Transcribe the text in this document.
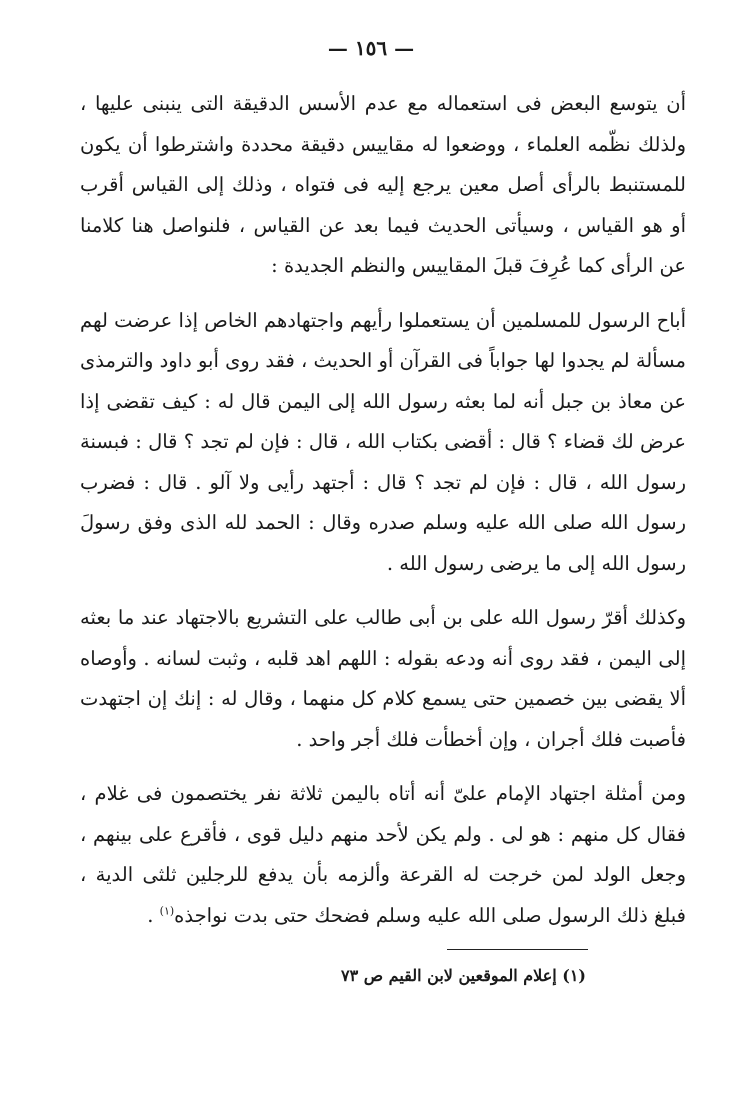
— ١٥٦ —

أن يتوسع البعض فى استعماله مع عدم الأسس الدقيقة التى ينبنى عليها ، ولذلك نظّمه العلماء ، ووضعوا له مقاييس دقيقة محددة واشترطوا أن يكون للمستنبط بالرأى أصل معين يرجع إليه فى فتواه ، وذلك إلى القياس أقرب أو هو القياس ، وسيأتى الحديث فيما بعد عن القياس ، فلنواصل هنا كلامنا عن الرأى كما عُرِفَ قبلَ المقاييس والنظم الجديدة :

أباح الرسول للمسلمين أن يستعملوا رأيهم واجتهادهم الخاص إذا عرضت لهم مسألة لم يجدوا لها جواباً فى القرآن أو الحديث ، فقد روى أبو داود والترمذى عن معاذ بن جبل أنه لما بعثه رسول الله إلى اليمن قال له : كيف تقضى إذا عرض لك قضاء ؟ قال : أقضى بكتاب الله ، قال : فإن لم تجد ؟ قال : فبسنة رسول الله ، قال : فإن لم تجد ؟ قال : أجتهد رأيى ولا آلو . قال : فضرب رسول الله صلى الله عليه وسلم صدره وقال : الحمد لله الذى وفق رسولَ رسول الله إلى ما يرضى رسول الله .

وكذلك أقرّ رسول الله على بن أبى طالب على التشريع بالاجتهاد عند ما بعثه إلى اليمن ، فقد روى أنه ودعه بقوله : اللهم اهد قلبه ، وثبت لسانه . وأوصاه ألا يقضى بين خصمين حتى يسمع كلام كل منهما ، وقال له : إنك إن اجتهدت فأصبت فلك أجران ، وإن أخطأت فلك أجر واحد .

ومن أمثلة اجتهاد الإمام علىّ أنه أتاه باليمن ثلاثة نفر يختصمون فى غلام ، فقال كل منهم : هو لى . ولم يكن لأحد منهم دليل قوى ، فأقرع على بينهم ، وجعل الولد لمن خرجت له القرعة وألزمه بأن يدفع للرجلين ثلثى الدية ، فبلغ ذلك الرسول صلى الله عليه وسلم فضحك حتى بدت نواجذه$^{(١)}$ .

(١) إعلام الموقعين لابن القيم ص ٧٣
